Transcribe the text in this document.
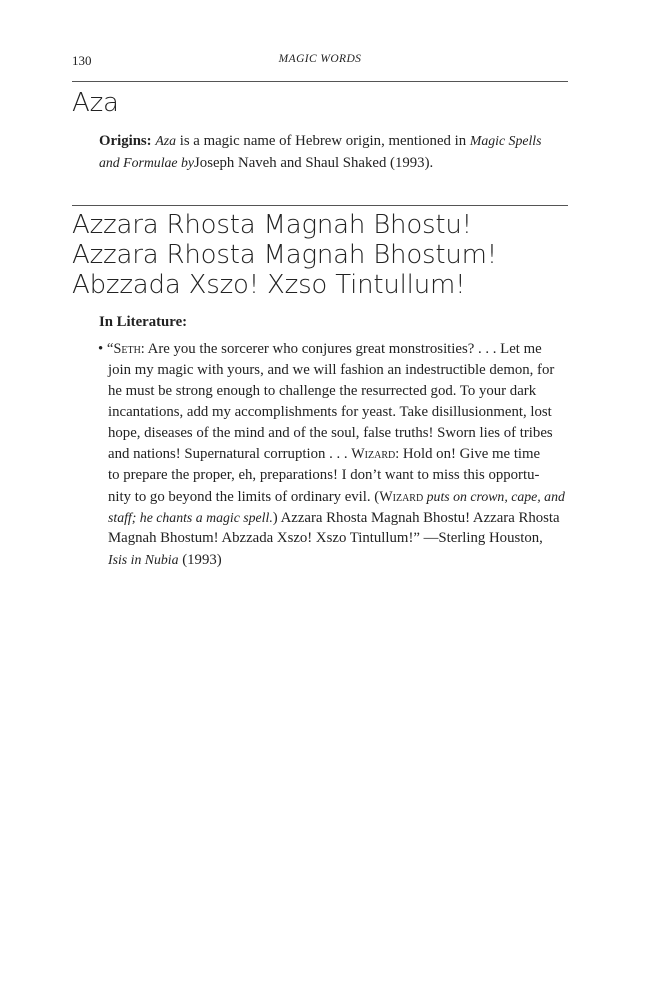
130	MAGIC WORDS
Aza
Origins: Aza is a magic name of Hebrew origin, mentioned in Magic Spells
and Formulae byJoseph Naveh and Shaul Shaked (1993).
Azzara Rhosta Magnah Bhostu!
Azzara Rhosta Magnah Bhostum!
Abzzada Xszo! Xzso Tintullum!
In Literature:
• “Seth: Are you the sorcerer who conjures great monstrosities? . . . Let me
join my magic with yours, and we will fashion an indestructible demon, for
he must be strong enough to challenge the resurrected god. To your dark
incantations, add my accomplishments for yeast. Take disillusionment, lost
hope, diseases of the mind and of the soul, false truths! Sworn lies of tribes
and nations! Supernatural corruption . . . Wizard: Hold on! Give me time
to prepare the proper, eh, preparations! I don’t want to miss this opportu-
nity to go beyond the limits of ordinary evil. (Wizard puts on crown, cape, and
staff; he chants a magic spell.) Azzara Rhosta Magnah Bhostu! Azzara Rhosta
Magnah Bhostum! Abzzada Xszo! Xszo Tintullum!” —Sterling Houston,
Isis in Nubia (1993)
